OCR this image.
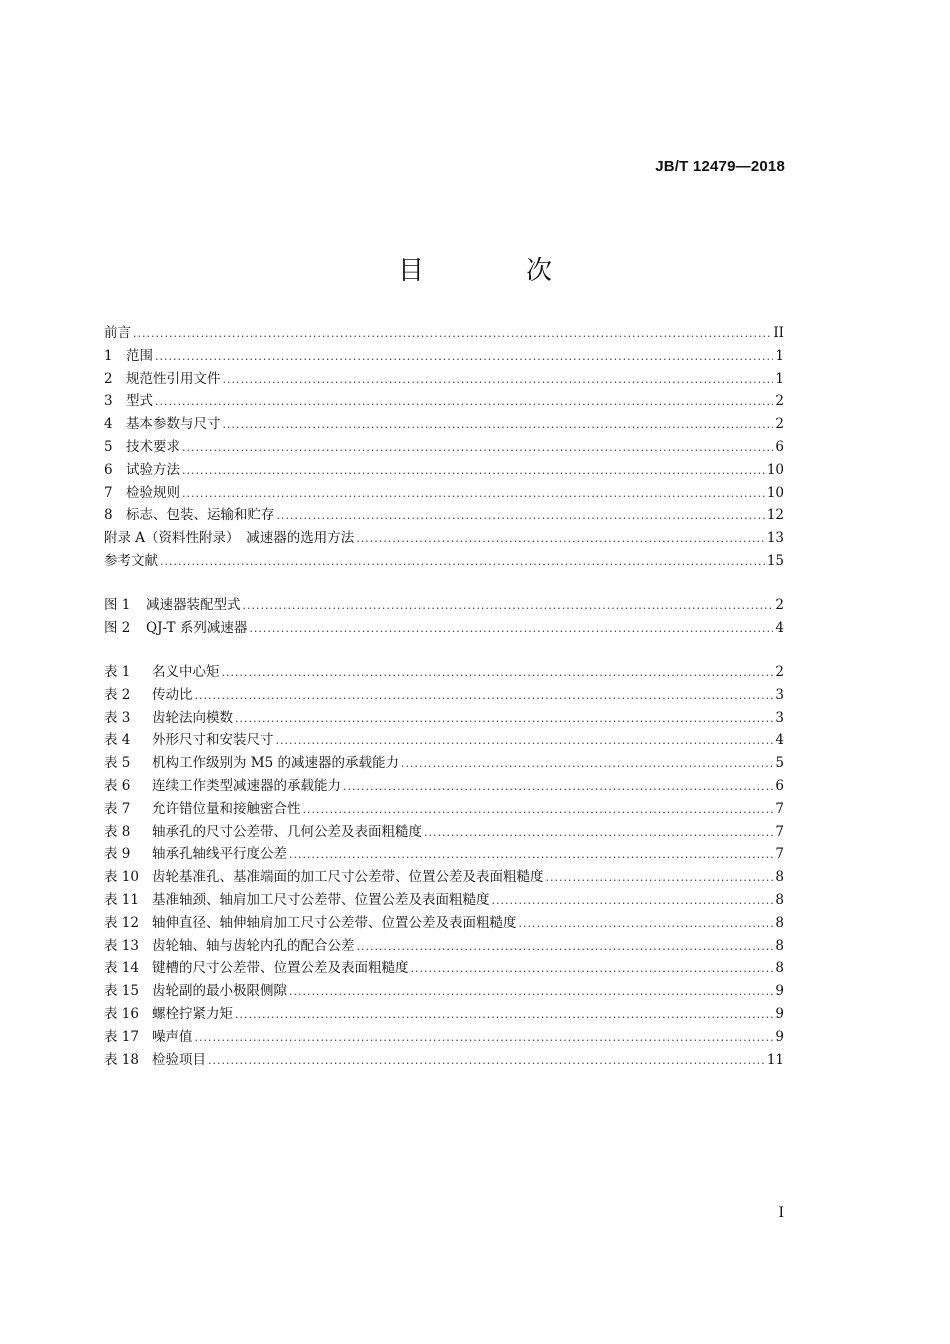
JB/T 12479—2018
目　次
前言 .....	II
1 范围 .....	1
2 规范性引用文件 .....	1
3 型式 .....	2
4 基本参数与尺寸 .....	2
5 技术要求 .....	6
6 试验方法 .....	10
7 检验规则 .....	10
8 标志、包装、运输和贮存 .....	12
附录 A（资料性附录）　减速器的选用方法 .....	13
参考文献 .....	15
图 1	减速器装配型式 .....	2
图 2	QJ-T 系列减速器 .....	4
表 1	名义中心矩 .....	2
表 2	传动比 .....	3
表 3	齿轮法向模数 .....	3
表 4	外形尺寸和安装尺寸 .....	4
表 5	机构工作级别为 M5 的减速器的承载能力 .....	5
表 6	连续工作类型减速器的承载能力 .....	6
表 7	允许错位量和接触密合性 .....	7
表 8	轴承孔的尺寸公差带、几何公差及表面粗糙度 .....	7
表 9	轴承孔轴线平行度公差 .....	7
表 10 齿轮基准孔、基准端面的加工尺寸公差带、位置公差及表面粗糙度 .....	8
表 11 基准轴颈、轴肩加工尺寸公差带、位置公差及表面粗糙度 .....	8
表 12 轴伸直径、轴伸轴肩加工尺寸公差带、位置公差及表面粗糙度 .....	8
表 13 齿轮轴、轴与齿轮内孔的配合公差 .....	8
表 14 键槽的尺寸公差带、位置公差及表面粗糙度 .....	8
表 15 齿轮副的最小极限侧隙 .....	9
表 16 螺栓拧紧力矩 .....	9
表 17 噪声值 .....	9
表 18 检验项目 .....	11
I
